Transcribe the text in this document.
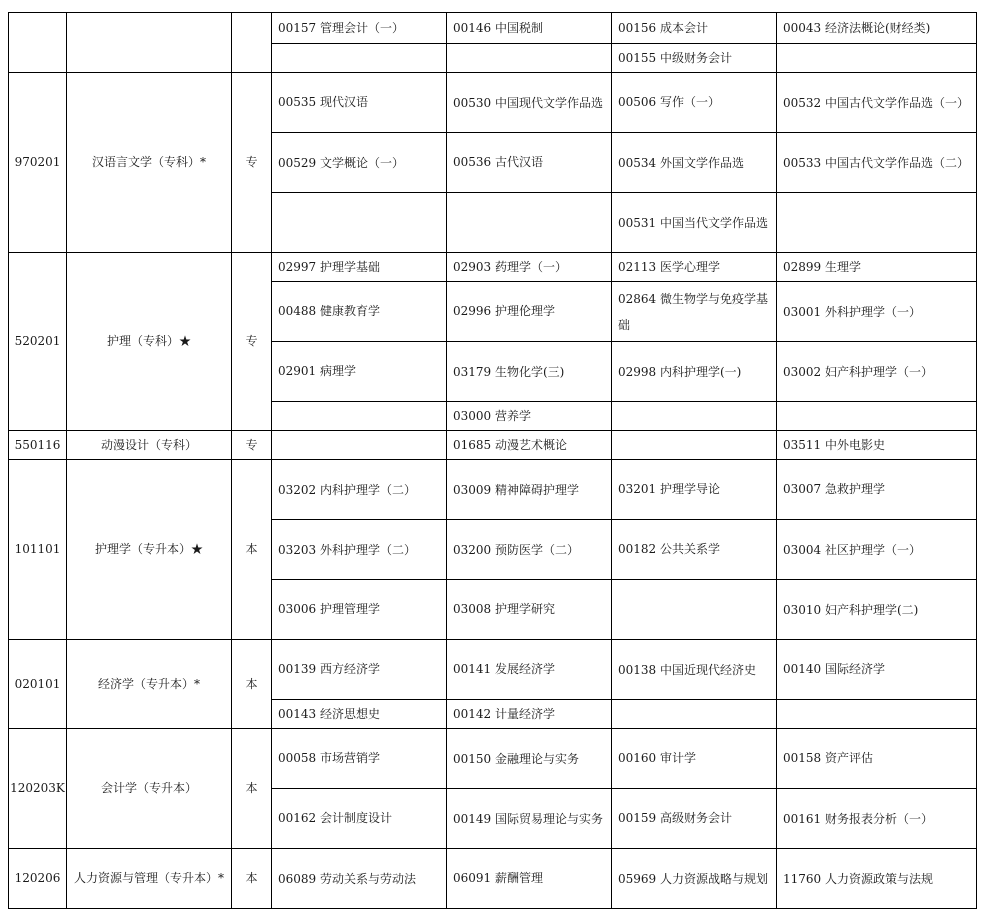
			00157 管理会计（一）	00146 中国税制	00156 成本会计	00043 经济法概论(财经类)
					00155 中级财务会计	
970201	汉语言文学（专科）*	专	00535 现代汉语	00530 中国现代文学作品选	00506 写作（一）	00532 中国古代文学作品选（一）
			00529 文学概论（一）	00536 古代汉语	00534 外国文学作品选	00533 中国古代文学作品选（二）
					00531 中国当代文学作品选	
520201	护理（专科）★	专	02997 护理学基础	02903 药理学（一）	02113 医学心理学	02899 生理学
			00488 健康教育学	02996 护理伦理学	02864 微生物学与免疫学基础	03001 外科护理学（一）
			02901 病理学	03179 生物化学(三)	02998 内科护理学(一)	03002 妇产科护理学（一）
				03000 营养学		
550116	动漫设计（专科）	专		01685 动漫艺术概论		03511 中外电影史
101101	护理学（专升本）★	本	03202 内科护理学（二）	03009 精神障碍护理学	03201 护理学导论	03007 急救护理学
			03203 外科护理学（二）	03200 预防医学（二）	00182 公共关系学	03004 社区护理学（一）
			03006 护理管理学	03008 护理学研究		03010 妇产科护理学(二)
020101	经济学（专升本）*	本	00139 西方经济学	00141 发展经济学	00138 中国近现代经济史	00140 国际经济学
			00143 经济思想史	00142 计量经济学		
120203K	会计学（专升本）	本	00058 市场营销学	00150 金融理论与实务	00160 审计学	00158 资产评估
			00162 会计制度设计	00149 国际贸易理论与实务	00159 高级财务会计	00161 财务报表分析（一）
120206	人力资源与管理（专升本）*	本	06089 劳动关系与劳动法	06091 薪酬管理	05969 人力资源战略与规划	11760 人力资源政策与法规
